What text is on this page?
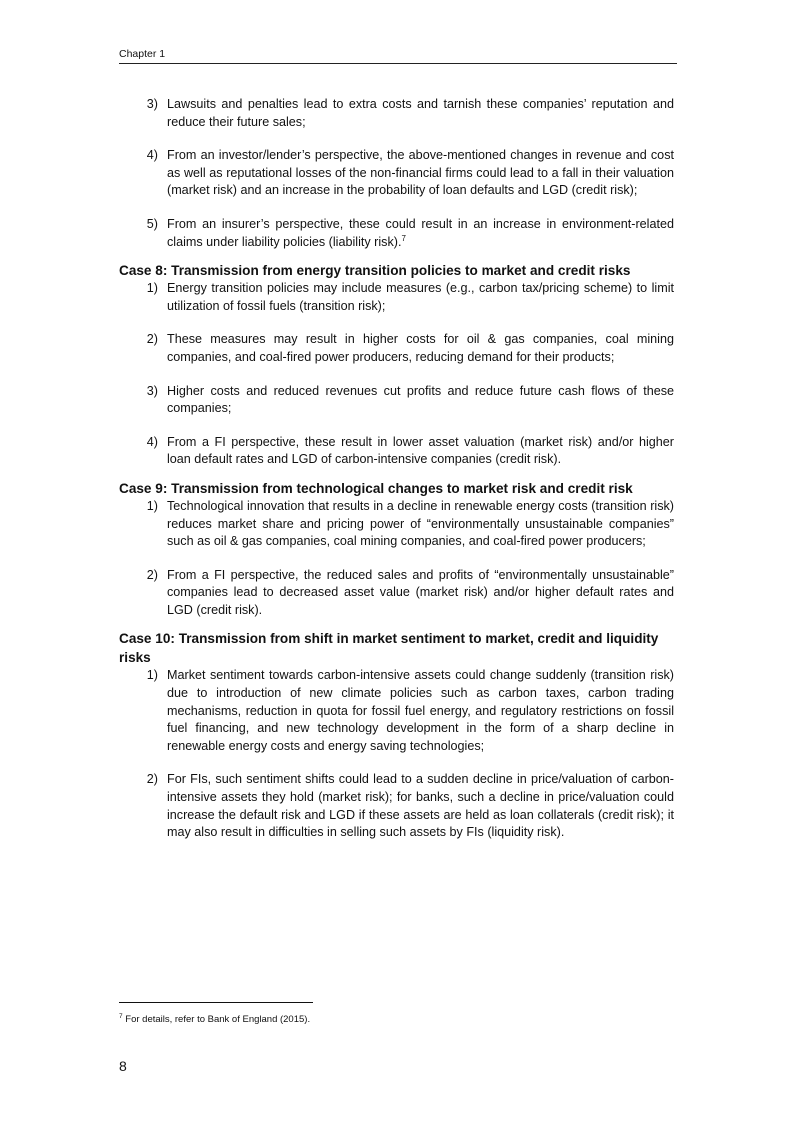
Chapter 1
3) Lawsuits and penalties lead to extra costs and tarnish these companies’ reputation and reduce their future sales;
4) From an investor/lender’s perspective, the above-mentioned changes in revenue and cost as well as reputational losses of the non-financial firms could lead to a fall in their valuation (market risk) and an increase in the probability of loan defaults and LGD (credit risk);
5) From an insurer’s perspective, these could result in an increase in environment-related claims under liability policies (liability risk).$^7$
Case 8: Transmission from energy transition policies to market and credit risks
1) Energy transition policies may include measures (e.g., carbon tax/pricing scheme) to limit utilization of fossil fuels (transition risk);
2) These measures may result in higher costs for oil & gas companies, coal mining companies, and coal-fired power producers, reducing demand for their products;
3) Higher costs and reduced revenues cut profits and reduce future cash flows of these companies;
4) From a FI perspective, these result in lower asset valuation (market risk) and/or higher loan default rates and LGD of carbon-intensive companies (credit risk).
Case 9: Transmission from technological changes to market risk and credit risk
1) Technological innovation that results in a decline in renewable energy costs (transition risk) reduces market share and pricing power of “environmentally unsustainable companies” such as oil & gas companies, coal mining companies, and coal-fired power producers;
2) From a FI perspective, the reduced sales and profits of “environmentally unsustainable” companies lead to decreased asset value (market risk) and/or higher default rates and LGD (credit risk).
Case 10: Transmission from shift in market sentiment to market, credit and liquidity risks
1) Market sentiment towards carbon-intensive assets could change suddenly (transition risk) due to introduction of new climate policies such as carbon taxes, carbon trading mechanisms, reduction in quota for fossil fuel energy, and regulatory restrictions on fossil fuel financing, and new technology development in the form of a sharp decline in renewable energy costs and energy saving technologies;
2) For FIs, such sentiment shifts could lead to a sudden decline in price/valuation of carbon-intensive assets they hold (market risk); for banks, such a decline in price/valuation could increase the default risk and LGD if these assets are held as loan collaterals (credit risk); it may also result in difficulties in selling such assets by FIs (liquidity risk).
$^7$ For details, refer to Bank of England (2015).
8
